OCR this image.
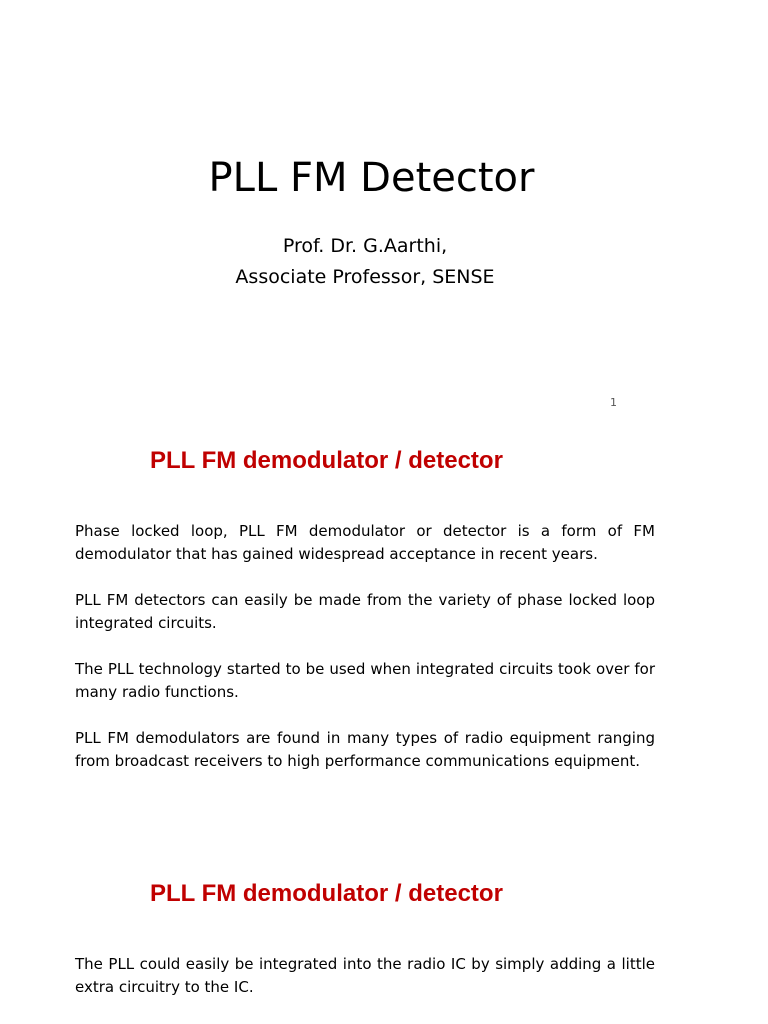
PLL FM Detector
Prof. Dr. G.Aarthi,
Associate Professor, SENSE
1
PLL FM demodulator / detector

Phase locked loop, PLL FM demodulator or detector is a form of FM demodulator that has gained widespread acceptance in recent years.

PLL FM detectors can easily be made from the variety of phase locked loop integrated circuits.

The PLL technology started to be used when integrated circuits took over for many radio functions.

PLL FM demodulators are found in many types of radio equipment ranging from broadcast receivers to high performance communications equipment.

PLL FM demodulator / detector

The PLL could easily be integrated into the radio IC by simply adding a little extra circuitry to the IC.
